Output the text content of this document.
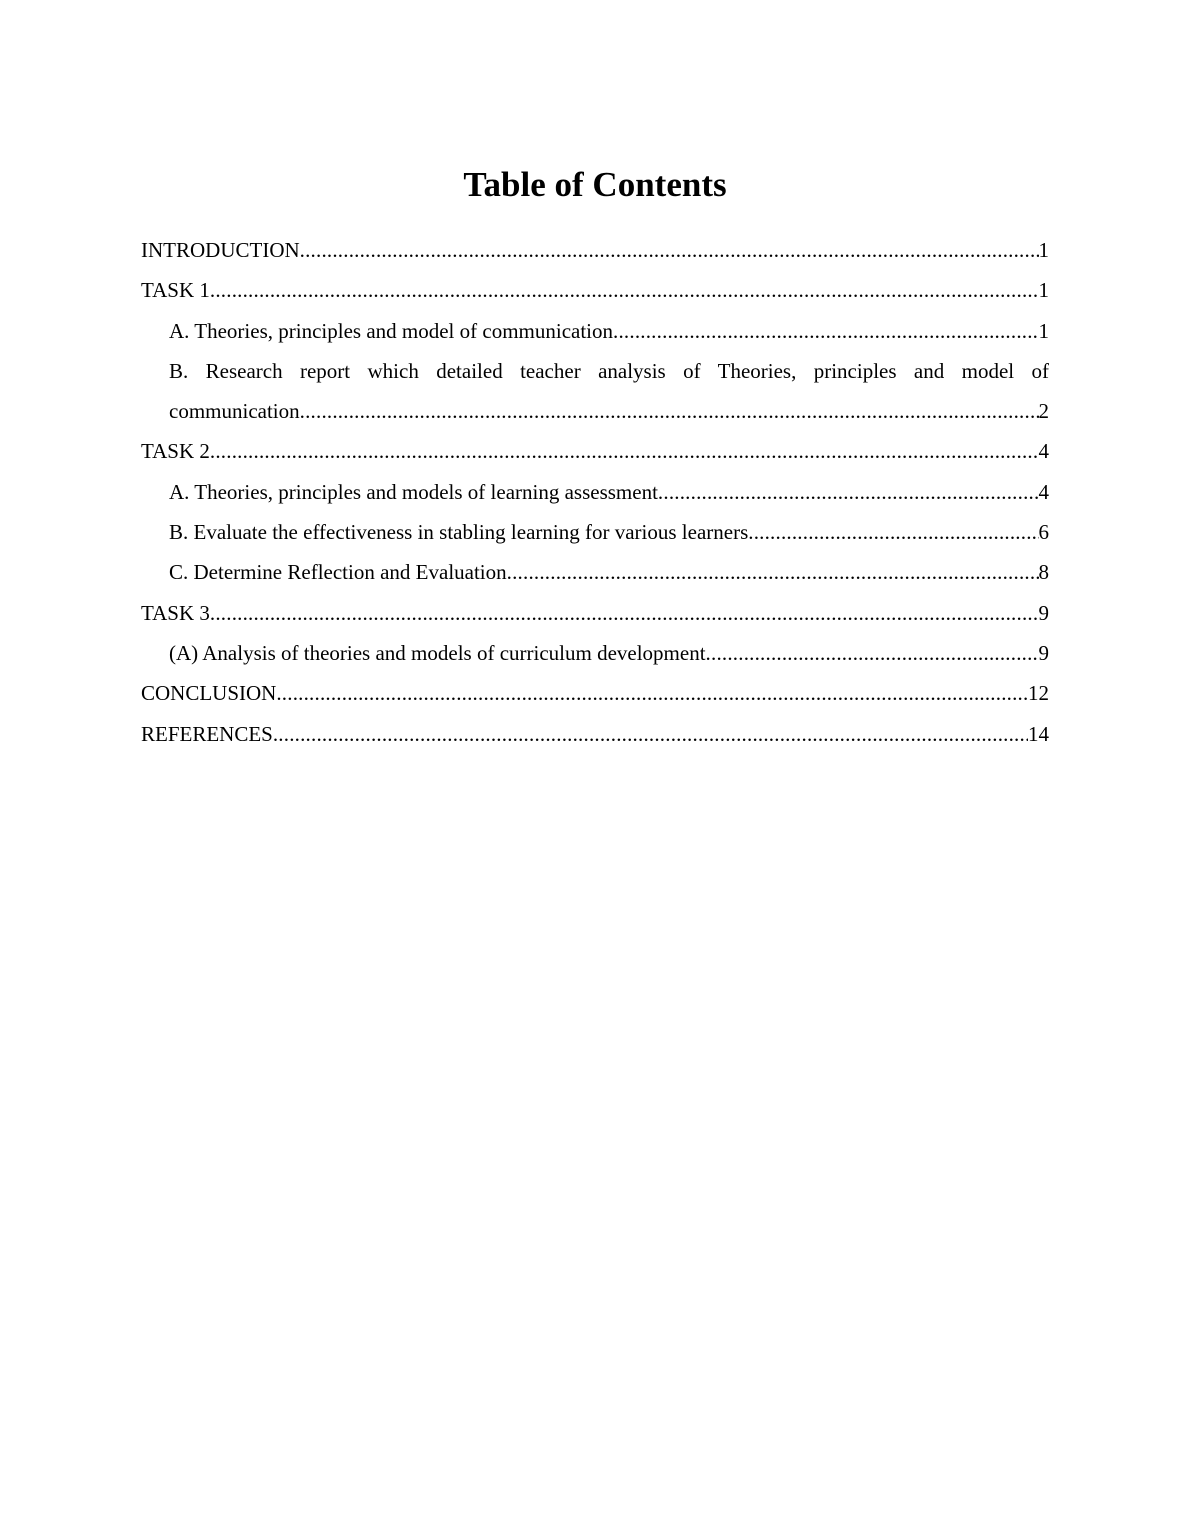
Table of Contents
INTRODUCTION .....	1
TASK 1 .....	1
A. Theories, principles and model of communication .....	1
B. Research report which detailed teacher analysis of Theories, principles and model of
communication .....	2
TASK 2 .....	4
A. Theories, principles and models of learning assessment .....	4
B. Evaluate the effectiveness in stabling learning for various learners .....	6
C. Determine Reflection and Evaluation .....	8
TASK 3 .....	9
(A) Analysis of theories and models of curriculum development .....	9
CONCLUSION .....	12
REFERENCES .....	14
